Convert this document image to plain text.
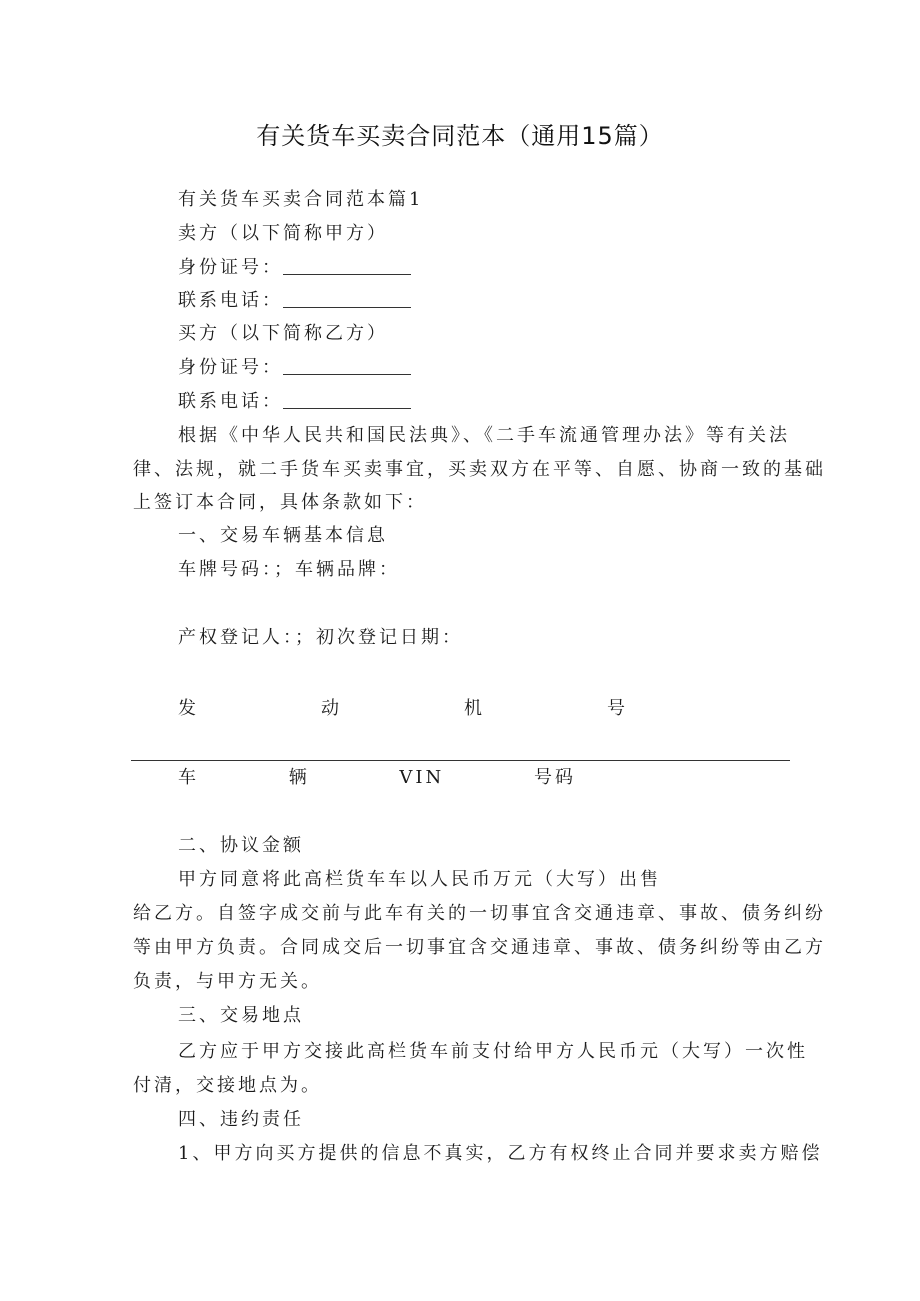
有关货车买卖合同范本（通用15篇）
有关货车买卖合同范本篇1
卖方（以下简称甲方）
身份证号：
联系电话：
买方（以下简称乙方）
身份证号：
联系电话：
根据《中华人民共和国民法典》、《二手车流通管理办法》等有关法
律、法规，就二手货车买卖事宜，买卖双方在平等、自愿、协商一致的基础
上签订本合同，具体条款如下：
一、交易车辆基本信息
车牌号码：；车辆品牌：
产权登记人：；初次登记日期：
发	动	机	号
车	辆	VIN	号码
二、协议金额
甲方同意将此高栏货车车以人民币万元（大写）出售
给乙方。自签字成交前与此车有关的一切事宜含交通违章、事故、债务纠纷
等由甲方负责。合同成交后一切事宜含交通违章、事故、债务纠纷等由乙方
负责，与甲方无关。
三、交易地点
乙方应于甲方交接此高栏货车前支付给甲方人民币元（大写）一次性
付清，交接地点为。
四、违约责任
1、甲方向买方提供的信息不真实，乙方有权终止合同并要求卖方赔偿
